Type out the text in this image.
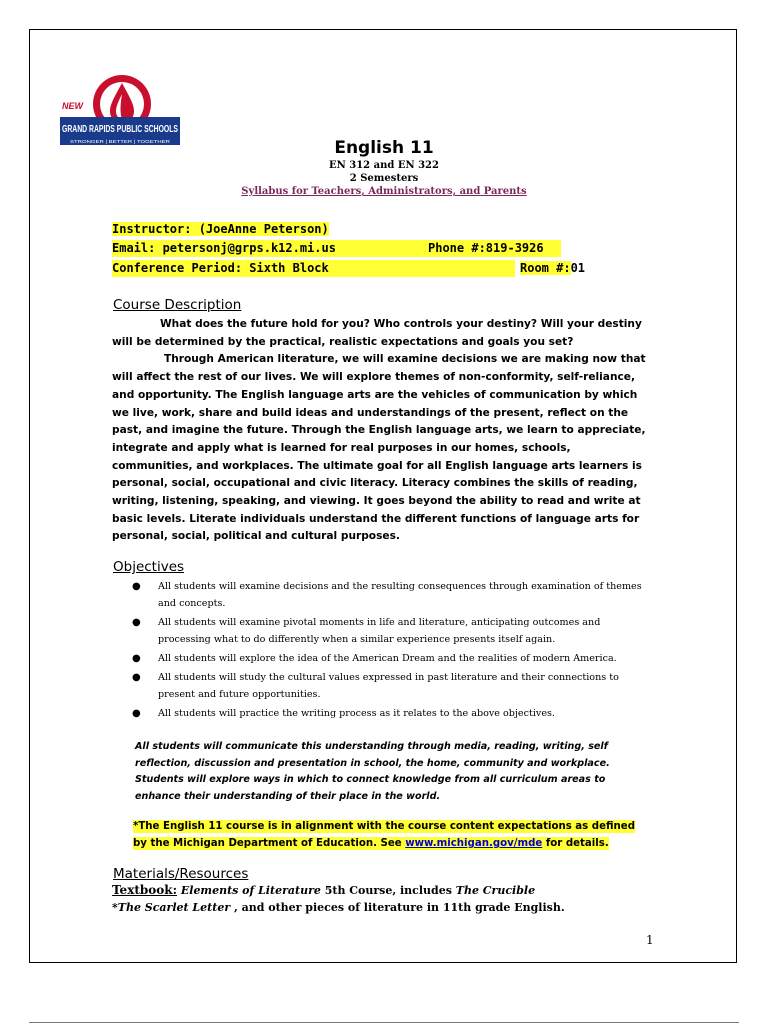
NEW
GRAND RAPIDS PUBLIC SCHOOLS
STRONGER | BETTER | TOGETHER	English 11
EN 312 and EN 322
2 Semesters
Syllabus for Teachers, Administrators, and Parents
Instructor: (JoeAnne Peterson)
Email: petersonj@grps.k12.mi.us	Phone #:819-3926
Conference Period: Sixth Block	Room #:01
Course Description

What does the future hold for you? Who controls your destiny? Will your destiny will be determined by the practical, realistic expectations and goals you set?

Through American literature, we will examine decisions we are making now that will affect the rest of our lives. We will explore themes of non-conformity, self-reliance, and opportunity. The English language arts are the vehicles of communication by which we live, work, share and build ideas and understandings of the present, reflect on the past, and imagine the future. Through the English language arts, we learn to appreciate, integrate and apply what is learned for real purposes in our homes, schools, communities, and workplaces. The ultimate goal for all English language arts learners is personal, social, occupational and civic literacy. Literacy combines the skills of reading, writing, listening, speaking, and viewing. It goes beyond the ability to read and write at basic levels. Literate individuals understand the different functions of language arts for personal, social, political and cultural purposes.

Objectives
● All students will examine decisions and the resulting consequences through examination of themes and concepts.
● All students will examine pivotal moments in life and literature, anticipating outcomes and processing what to do differently when a similar experience presents itself again.
● All students will explore the idea of the American Dream and the realities of modern America.
● All students will study the cultural values expressed in past literature and their connections to present and future opportunities.
● All students will practice the writing process as it relates to the above objectives.
All students will communicate this understanding through media, reading, writing, self reflection, discussion and presentation in school, the home, community and workplace. Students will explore ways in which to connect knowledge from all curriculum areas to enhance their understanding of their place in the world.
*The English 11 course is in alignment with the course content expectations as defined by the Michigan Department of Education. See www.michigan.gov/mde for details.
Materials/Resources
Textbook: Elements of Literature 5th Course, includes The Crucible
*The Scarlet Letter , and other pieces of literature in 11th grade English.
1
